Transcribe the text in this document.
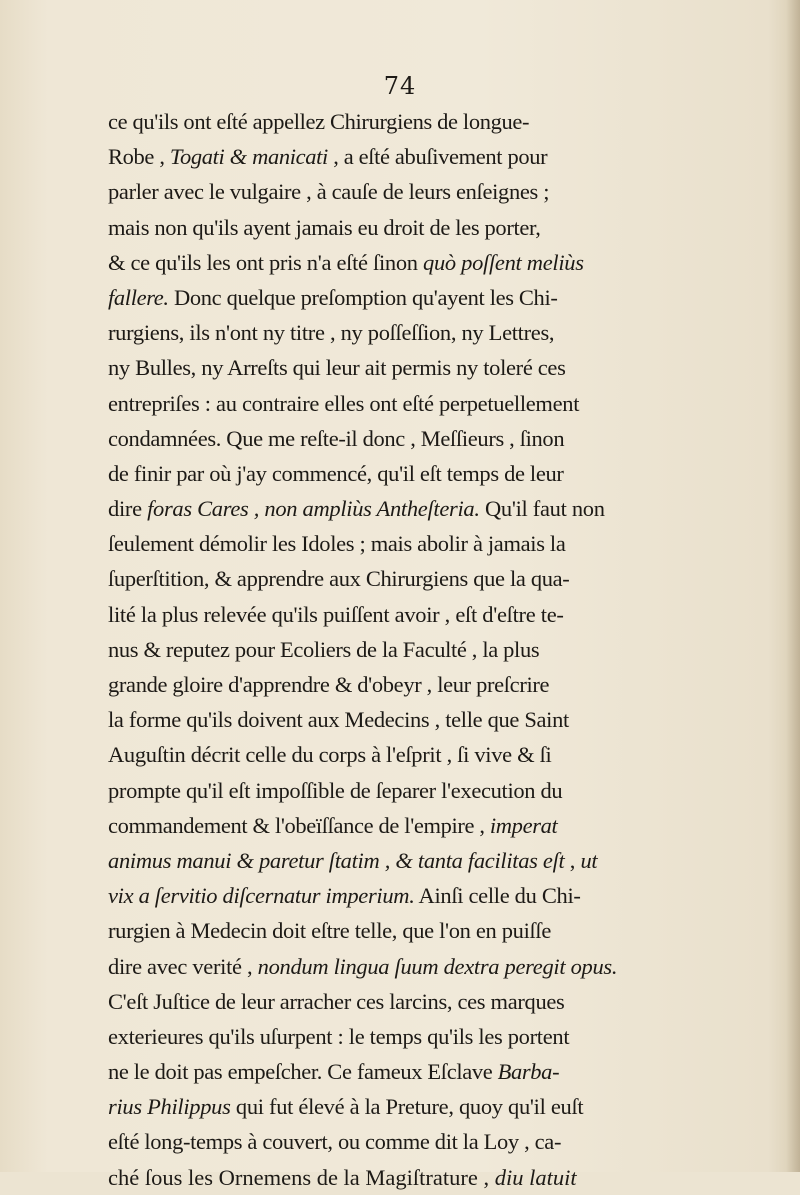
74
ce qu'ils ont eſté appellez Chirurgiens de longue-
Robe , Togati & manicati , a eſté abuſivement pour
parler avec le vulgaire , à cauſe de leurs enſeignes ;
mais non qu'ils ayent jamais eu droit de les porter,
& ce qu'ils les ont pris n'a eſté ſinon quò poſſent meliùs
fallere. Donc quelque preſomption qu'ayent les Chi-
rurgiens, ils n'ont ny titre , ny poſſeſſion, ny Lettres,
ny Bulles, ny Arreſts qui leur ait permis ny toleré ces
entrepriſes : au contraire elles ont eſté perpetuellement
condamnées. Que me reſte-il donc , Meſſieurs , ſinon
de finir par où j'ay commencé, qu'il eſt temps de leur
dire foras Cares , non ampliùs Antheſteria. Qu'il faut non
ſeulement démolir les Idoles ; mais abolir à jamais la
ſuperſtition, & apprendre aux Chirurgiens que la qua-
lité la plus relevée qu'ils puiſſent avoir , eſt d'eſtre te-
nus & reputez pour Ecoliers de la Faculté , la plus
grande gloire d'apprendre & d'obeyr , leur preſcrire
la forme qu'ils doivent aux Medecins , telle que Saint
Auguſtin décrit celle du corps à l'eſprit , ſi vive & ſi
prompte qu'il eſt impoſſible de ſeparer l'execution du
commandement & l'obeïſſance de l'empire , imperat
animus manui & paretur ſtatim , & tanta facilitas eſt , ut
vix a ſervitio diſcernatur imperium. Ainſi celle du Chi-
rurgien à Medecin doit eſtre telle, que l'on en puiſſe
dire avec verité , nondum lingua ſuum dextra peregit opus.
C'eſt Juſtice de leur arracher ces larcins, ces marques
exterieures qu'ils uſurpent : le temps qu'ils les portent
ne le doit pas empeſcher. Ce fameux Eſclave Barba-
rius Philippus qui fut élevé à la Preture, quoy qu'il euſt
eſté long-temps à couvert, ou comme dit la Loy , ca-
ché ſous les Ornemens de la Magiſtrature , diu latuit
